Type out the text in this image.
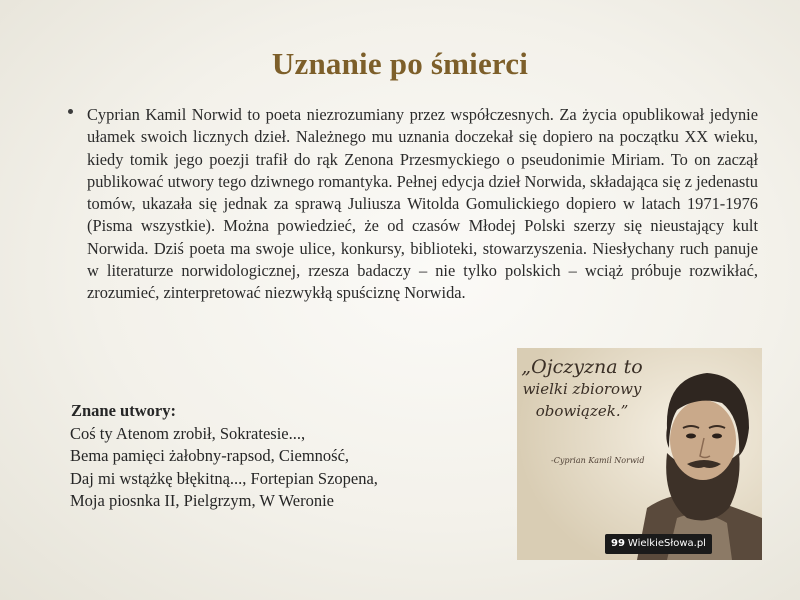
Uznanie po śmierci
Cyprian Kamil Norwid to poeta niezrozumiany przez współczesnych. Za życia opublikował jedynie ułamek swoich licznych dzieł. Należnego mu uznania doczekał się dopiero na początku XX wieku, kiedy tomik jego poezji trafił do rąk Zenona Przesmyckiego o pseudonimie Miriam. To on zaczął publikować utwory tego dziwnego romantyka. Pełnej edycja dzieł Norwida, składająca się z jedenastu tomów, ukazała się jednak za sprawą Juliusza Witolda Gomulickiego dopiero w latach 1971-1976 (Pisma wszystkie). Można powiedzieć, że od czasów Młodej Polski szerzy się nieustający kult Norwida. Dziś poeta ma swoje ulice, konkursy, biblioteki, stowarzyszenia. Niesłychany ruch panuje w literaturze norwidologicznej, rzesza badaczy – nie tylko polskich – wciąż próbuje rozwikłać, zrozumieć, zinterpretować niezwykłą spuściznę Norwida.
Znane utwory:
Coś ty Atenom zrobił, Sokratesie...,
Bema pamięci żałobny-rapsod, Ciemność,
Daj mi wstążkę błękitną..., Fortepian Szopena,
Moja piosnka II, Pielgrzym, W Weronie
„Ojczyzna to
wielki zbiorowy
obowiązek.”
-Cyprian Kamil Norwid
99 WielkieSłowa.pl
